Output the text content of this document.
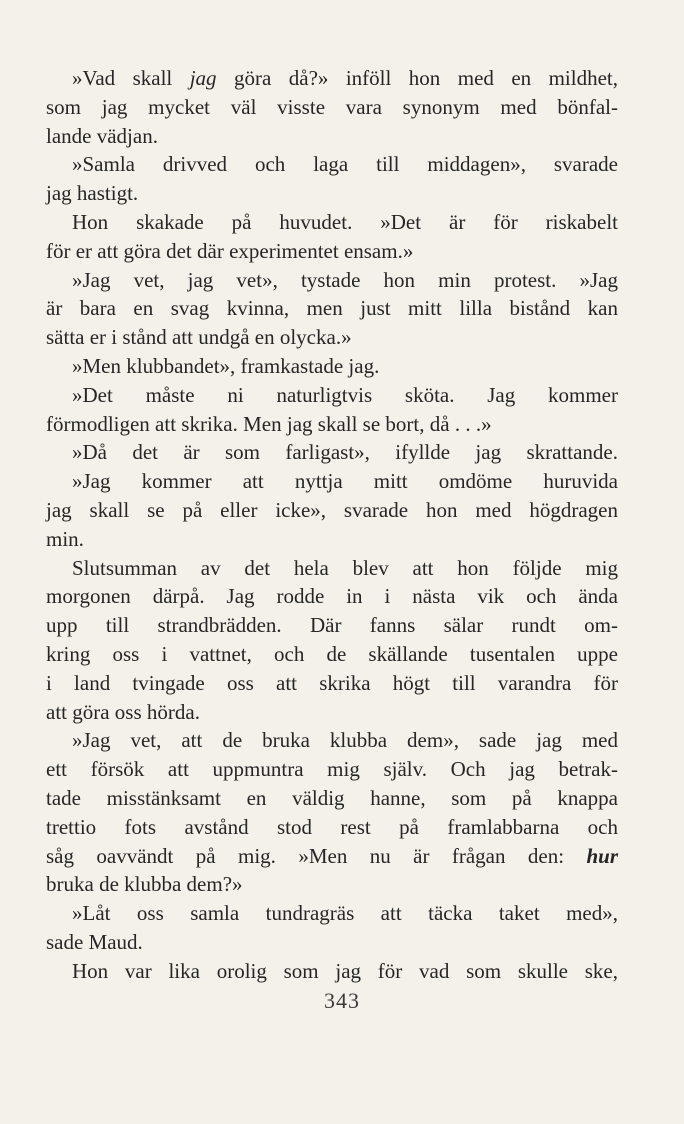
»Vad skall jag göra då?» inföll hon med en mildhet,
som jag mycket väl visste vara synonym med bönfal-
lande vädjan.
»Samla drivved och laga till middagen», svarade
jag hastigt.
Hon skakade på huvudet. »Det är för riskabelt
för er att göra det där experimentet ensam.»
»Jag vet, jag vet», tystade hon min protest. »Jag
är bara en svag kvinna, men just mitt lilla bistånd kan
sätta er i stånd att undgå en olycka.»
»Men klubbandet», framkastade jag.
»Det måste ni naturligtvis sköta. Jag kommer
förmodligen att skrika. Men jag skall se bort, då . . .»
»Då det är som farligast», ifyllde jag skrattande.
»Jag kommer att nyttja mitt omdöme huruvida
jag skall se på eller icke», svarade hon med högdragen
min.
Slutsumman av det hela blev att hon följde mig
morgonen därpå. Jag rodde in i nästa vik och ända
upp till strandbrädden. Där fanns sälar rundt om-
kring oss i vattnet, och de skällande tusentalen uppe
i land tvingade oss att skrika högt till varandra för
att göra oss hörda.
»Jag vet, att de bruka klubba dem», sade jag med
ett försök att uppmuntra mig själv. Och jag betrak-
tade misstänksamt en väldig hanne, som på knappa
trettio fots avstånd stod rest på framlabbarna och
såg oavvändt på mig. »Men nu är frågan den: hur
bruka de klubba dem?»
»Låt oss samla tundragräs att täcka taket med»,
sade Maud.
Hon var lika orolig som jag för vad som skulle ske,
343
